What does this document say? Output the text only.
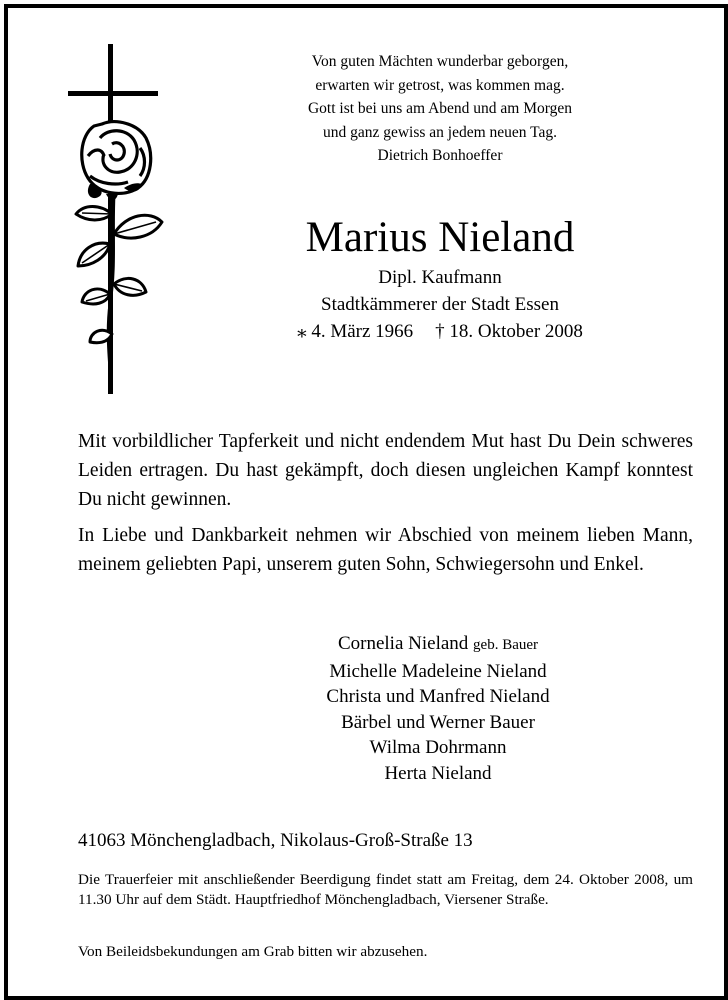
Von guten Mächten wunderbar geborgen,
erwarten wir getrost, was kommen mag.
Gott ist bei uns am Abend und am Morgen
und ganz gewiss an jedem neuen Tag.
Dietrich Bonhoeffer
Marius Nieland
Dipl. Kaufmann
Stadtkämmerer der Stadt Essen
⁎ 4. März 1966 † 18. Oktober 2008
Mit vorbildlicher Tapferkeit und nicht endendem Mut hast Du Dein schweres Leiden ertragen. Du hast gekämpft, doch diesen ungleichen Kampf konntest Du nicht gewinnen.
In Liebe und Dankbarkeit nehmen wir Abschied von meinem lieben Mann, meinem geliebten Papi, unserem guten Sohn, Schwiegersohn und Enkel.
Cornelia Nieland geb. Bauer
Michelle Madeleine Nieland
Christa und Manfred Nieland
Bärbel und Werner Bauer
Wilma Dohrmann
Herta Nieland
41063 Mönchengladbach, Nikolaus-Groß-Straße 13
Die Trauerfeier mit anschließender Beerdigung findet statt am Freitag, dem 24. Oktober 2008, um 11.30 Uhr auf dem Städt. Hauptfriedhof Mönchengladbach, Viersener Straße.
Von Beileidsbekundungen am Grab bitten wir abzusehen.
